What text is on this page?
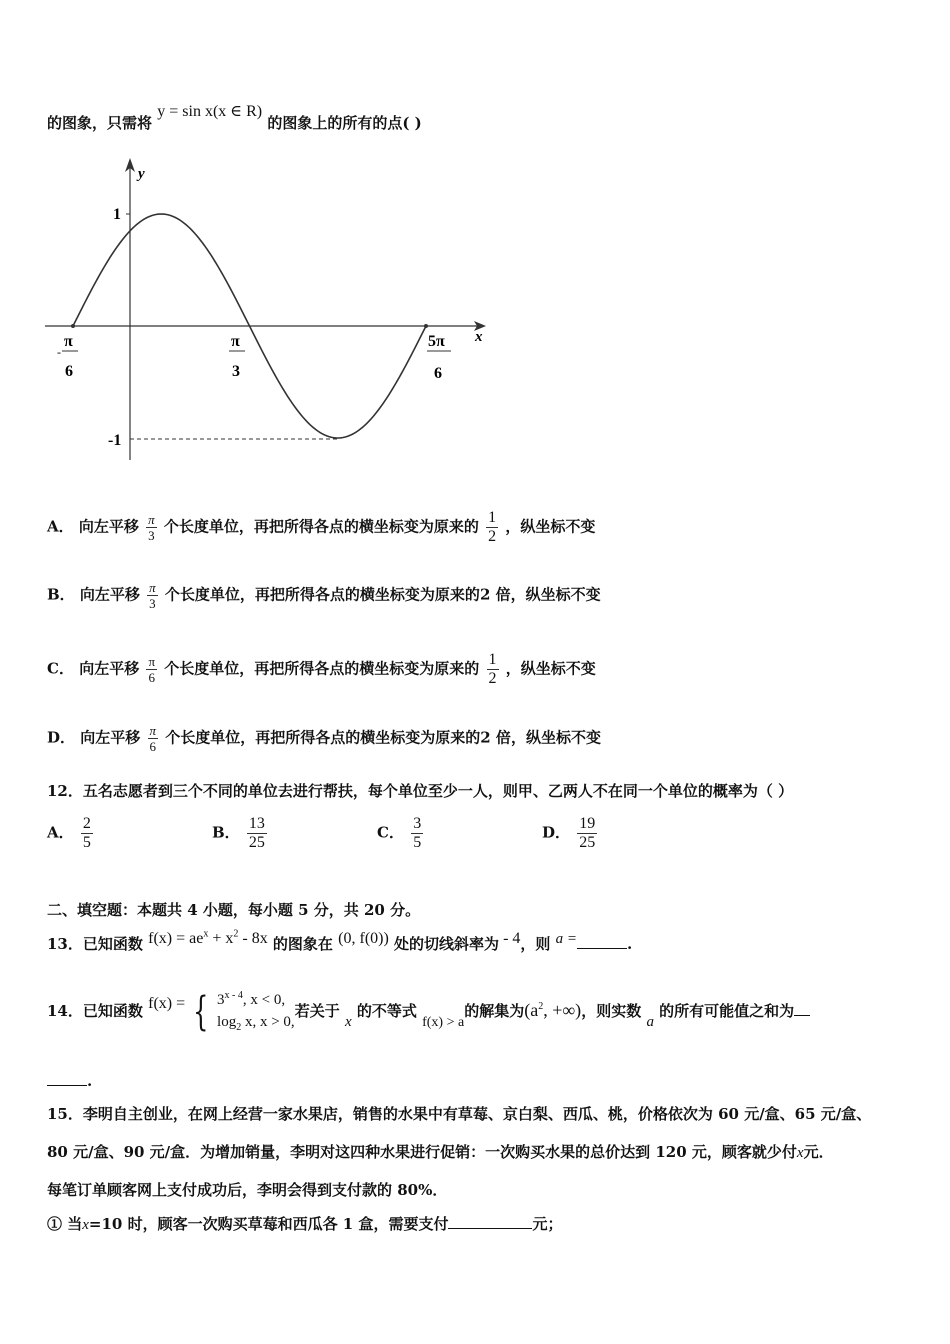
的图象，只需将 y = sin x(x ∈ R) 的图象上的所有的点( )
y
x
1
-1
-
π
6
π
3
5π
6
A． 向左平移 $\frac{\pi}{3}$ 个长度单位，再把所得各点的横坐标变为原来的 $\frac{1}{2}$ ，纵坐标不变
B． 向左平移 $\frac{\pi}{3}$ 个长度单位，再把所得各点的横坐标变为原来的2 倍，纵坐标不变
C． 向左平移 $\frac{\pi}{6}$ 个长度单位，再把所得各点的横坐标变为原来的 $\frac{1}{2}$ ，纵坐标不变
D． 向左平移 $\frac{\pi}{6}$ 个长度单位，再把所得各点的横坐标变为原来的2 倍，纵坐标不变
12．五名志愿者到三个不同的单位去进行帮扶，每个单位至少一人，则甲、乙两人不在同一个单位的概率为（ ）
A． $\frac{2}{5}$	B． $\frac{13}{25}$	C． $\frac{3}{5}$	D． $\frac{19}{25}$
二、填空题：本题共 4 小题，每小题 5 分，共 20 分。
13．已知函数 $f(x) = ae^x + x^2 - 8x$ 的图象在 (0, f(0)) 处的切线斜率为 - 4，则 a =	.
14．已知函数 f(x) = { 3$^{x - 4}$, x < 0,
$\log_2 x$, x > 0,
若关于 x 的不等式 f(x) > a的解集为($a^2$, +∞)，则实数 a 的所有可能值之和为
.
15．李明自主创业，在网上经营一家水果店，销售的水果中有草莓、京白梨、西瓜、桃，价格依次为 60 元/盒、65 元/盒、
80 元/盒、90 元/盒．为增加销量，李明对这四种水果进行促销：一次购买水果的总价达到 120 元，顾客就少付x元．
每笔订单顾客网上支付成功后，李明会得到支付款的 80%．
① 当x=10 时，顾客一次购买草莓和西瓜各 1 盒，需要支付	元；
